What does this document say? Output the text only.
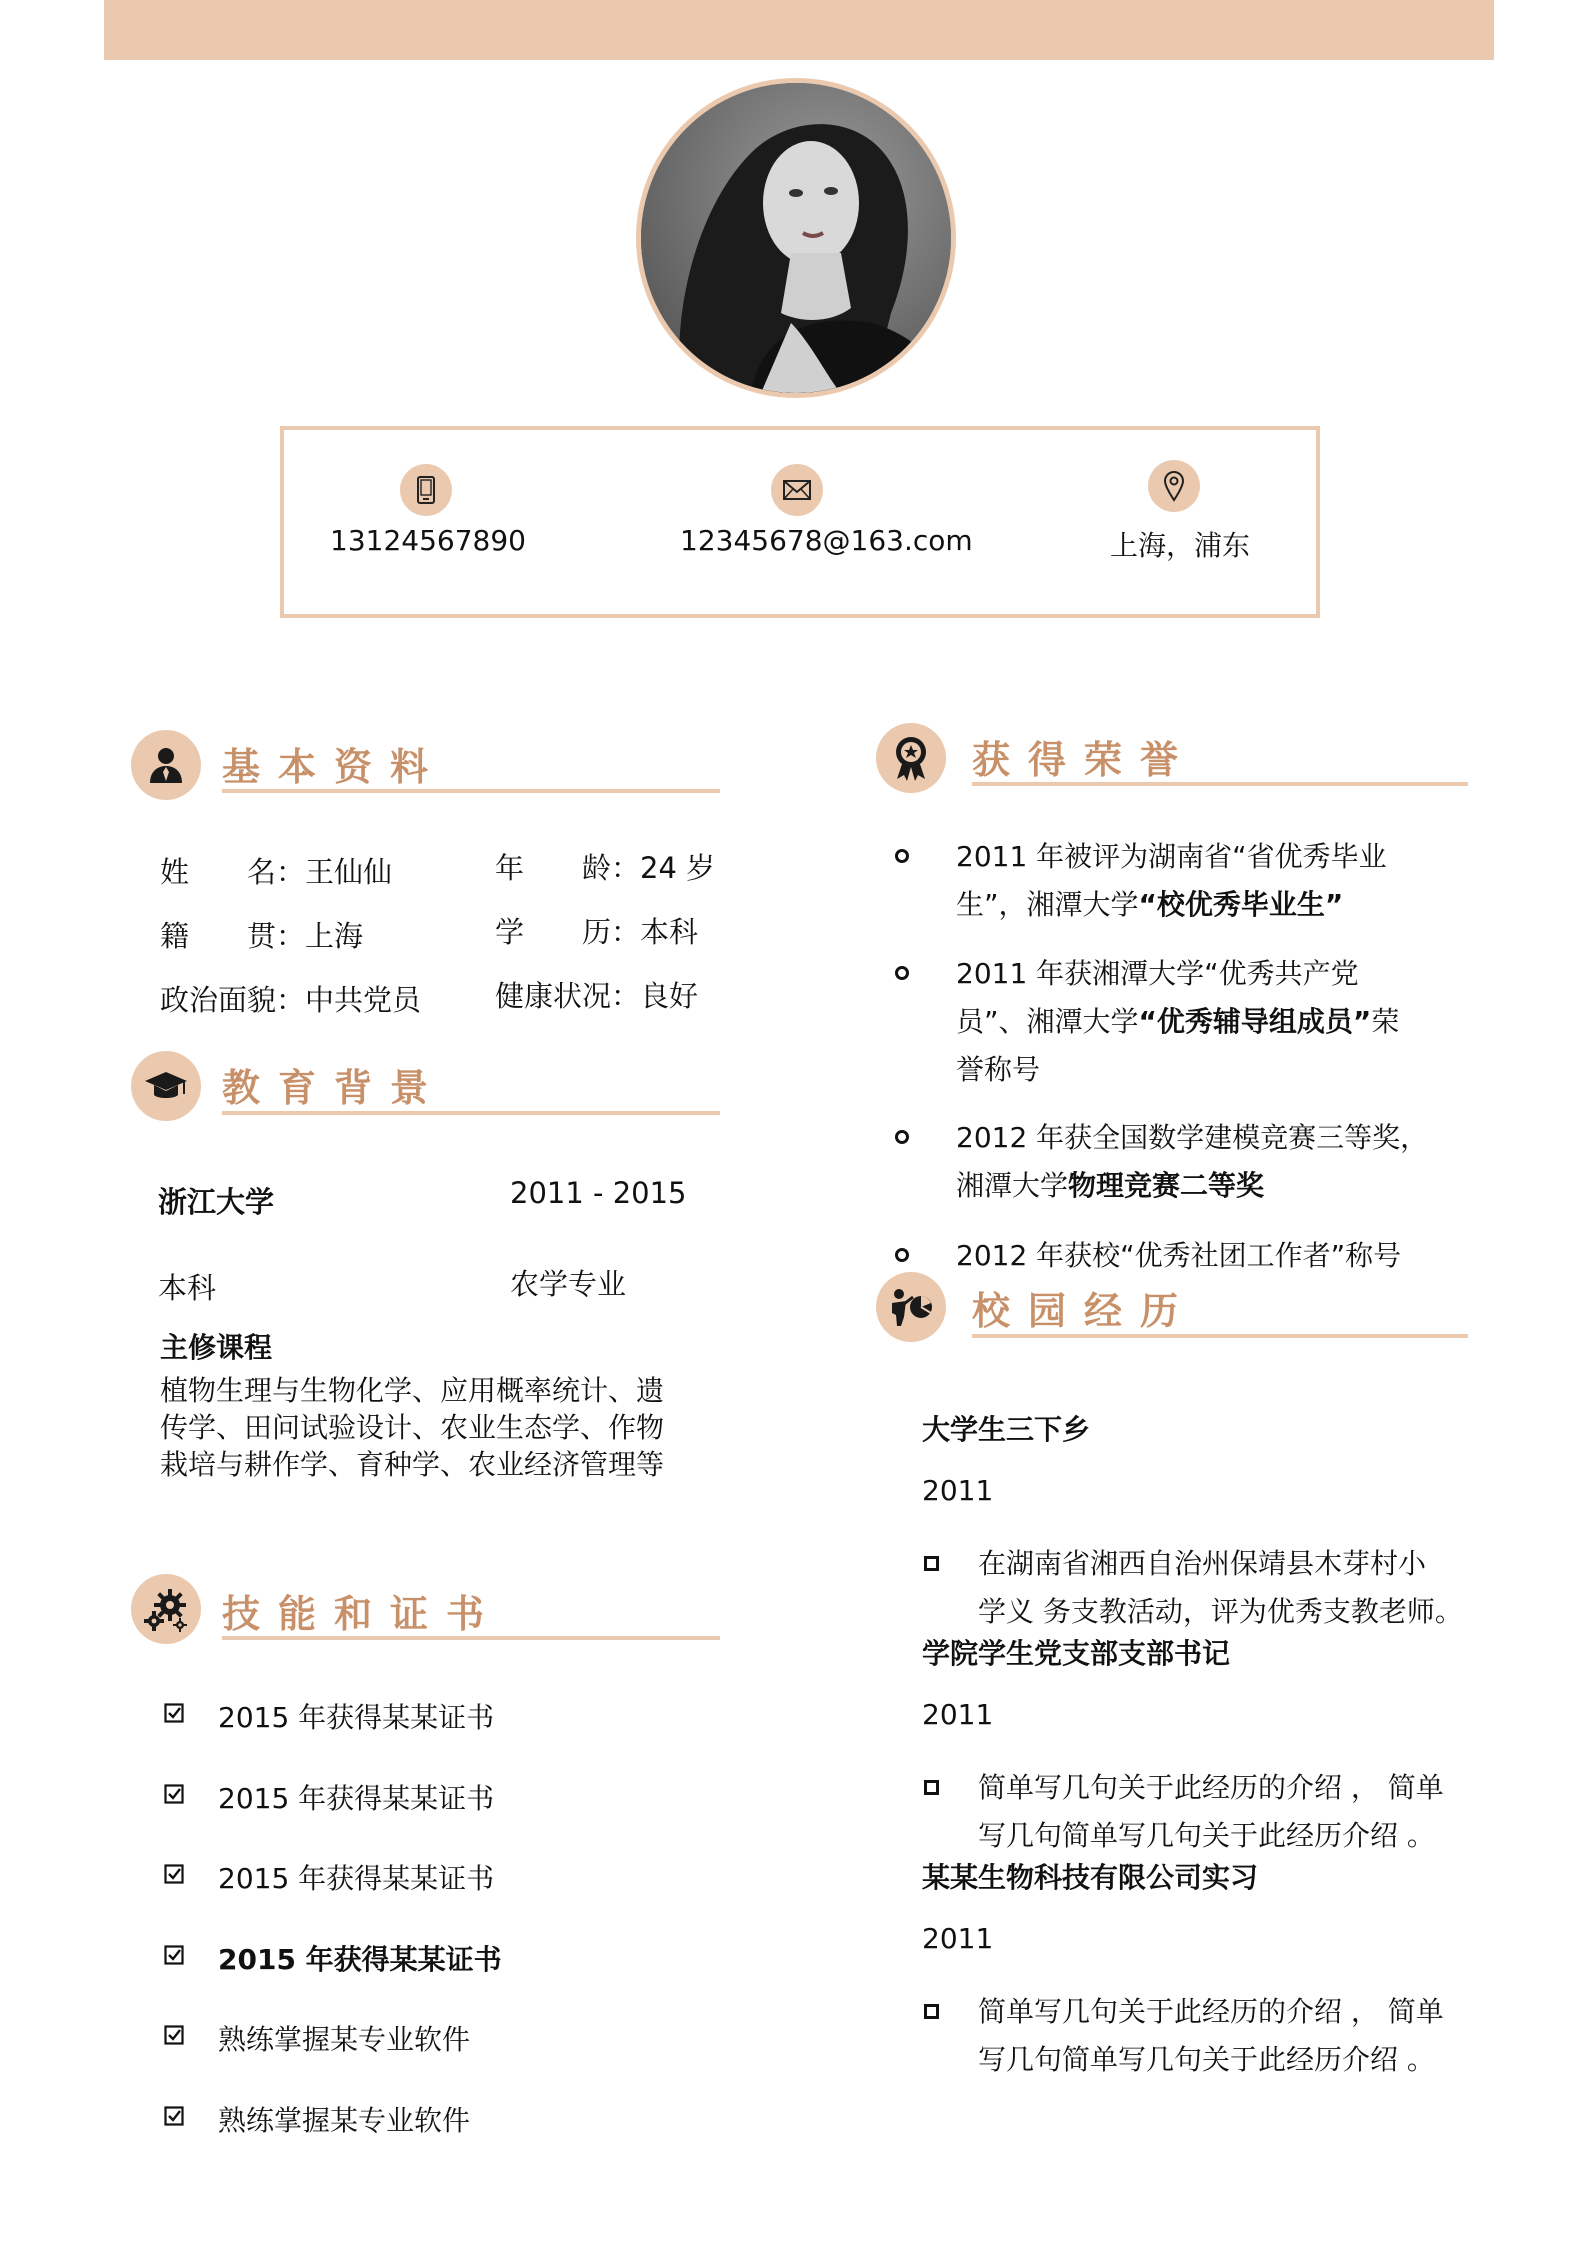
13124567890	12345678@163.com	上海，浦东
基本资料
姓　　名：王仙仙	年　　龄：24 岁
籍　　贯：上海	学　　历：本科
政治面貌：中共党员	健康状况：良好
教育背景
浙江大学	2011 - 2015
本科	农学专业
主修课程
植物生理与生物化学、应用概率统计、遗传学、田问试验设计、农业生态学、作物栽培与耕作学、育种学、农业经济管理等
技能和证书
2015 年获得某某证书
2015 年获得某某证书
2015 年获得某某证书
2015 年获得某某证书
熟练掌握某专业软件
熟练掌握某专业软件
获得荣誉
2011 年被评为湖南省“省优秀毕业
生”，湘潭大学“校优秀毕业生”
2011 年获湘潭大学“优秀共产党
员”、湘潭大学“优秀辅导组成员”荣
誉称号
2012 年获全国数学建模竞赛三等奖，
湘潭大学物理竞赛二等奖
2012 年获校“优秀社团工作者”称号
校园经历
大学生三下乡
2011
在湖南省湘西自治州保靖县木芽村小
学义 务支教活动，评为优秀支教老师。
学院学生党支部支部书记
2011
简单写几句关于此经历的介绍 ， 简单
写几句简单写几句关于此经历介绍 。
某某生物科技有限公司实习
2011
简单写几句关于此经历的介绍 ， 简单
写几句简单写几句关于此经历介绍 。
